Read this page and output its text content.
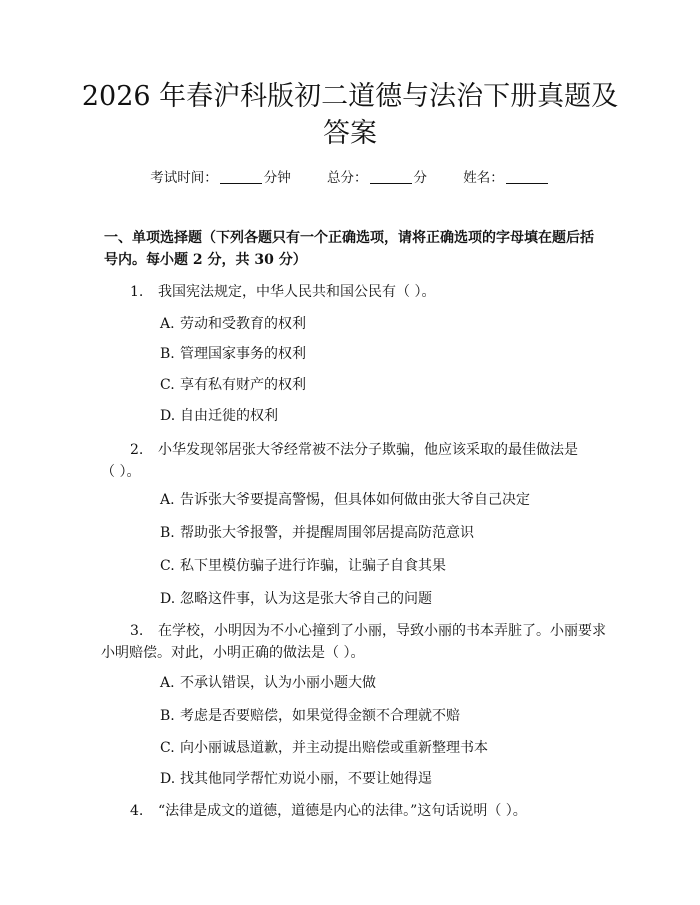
2026 年春沪科版初二道德与法治下册真题及
答案
考试时间：	分钟	总分：	分	姓名：
一、单项选择题（下列各题只有一个正确选项，请将正确选项的字母填在题后括
号内。每小题 2 分，共 30 分）
1. 我国宪法规定，中华人民共和国公民有（ ）。
A. 劳动和受教育的权利
B. 管理国家事务的权利
C. 享有私有财产的权利
D. 自由迁徙的权利
2. 小华发现邻居张大爷经常被不法分子欺骗，他应该采取的最佳做法是
（ ）。
A. 告诉张大爷要提高警惕，但具体如何做由张大爷自己决定
B. 帮助张大爷报警，并提醒周围邻居提高防范意识
C. 私下里模仿骗子进行诈骗，让骗子自食其果
D. 忽略这件事，认为这是张大爷自己的问题
3. 在学校，小明因为不小心撞到了小丽，导致小丽的书本弄脏了。小丽要求
小明赔偿。对此，小明正确的做法是（ ）。
A. 不承认错误，认为小丽小题大做
B. 考虑是否要赔偿，如果觉得金额不合理就不赔
C. 向小丽诚恳道歉，并主动提出赔偿或重新整理书本
D. 找其他同学帮忙劝说小丽，不要让她得逞
4. “法律是成文的道德，道德是内心的法律。”这句话说明（ ）。
